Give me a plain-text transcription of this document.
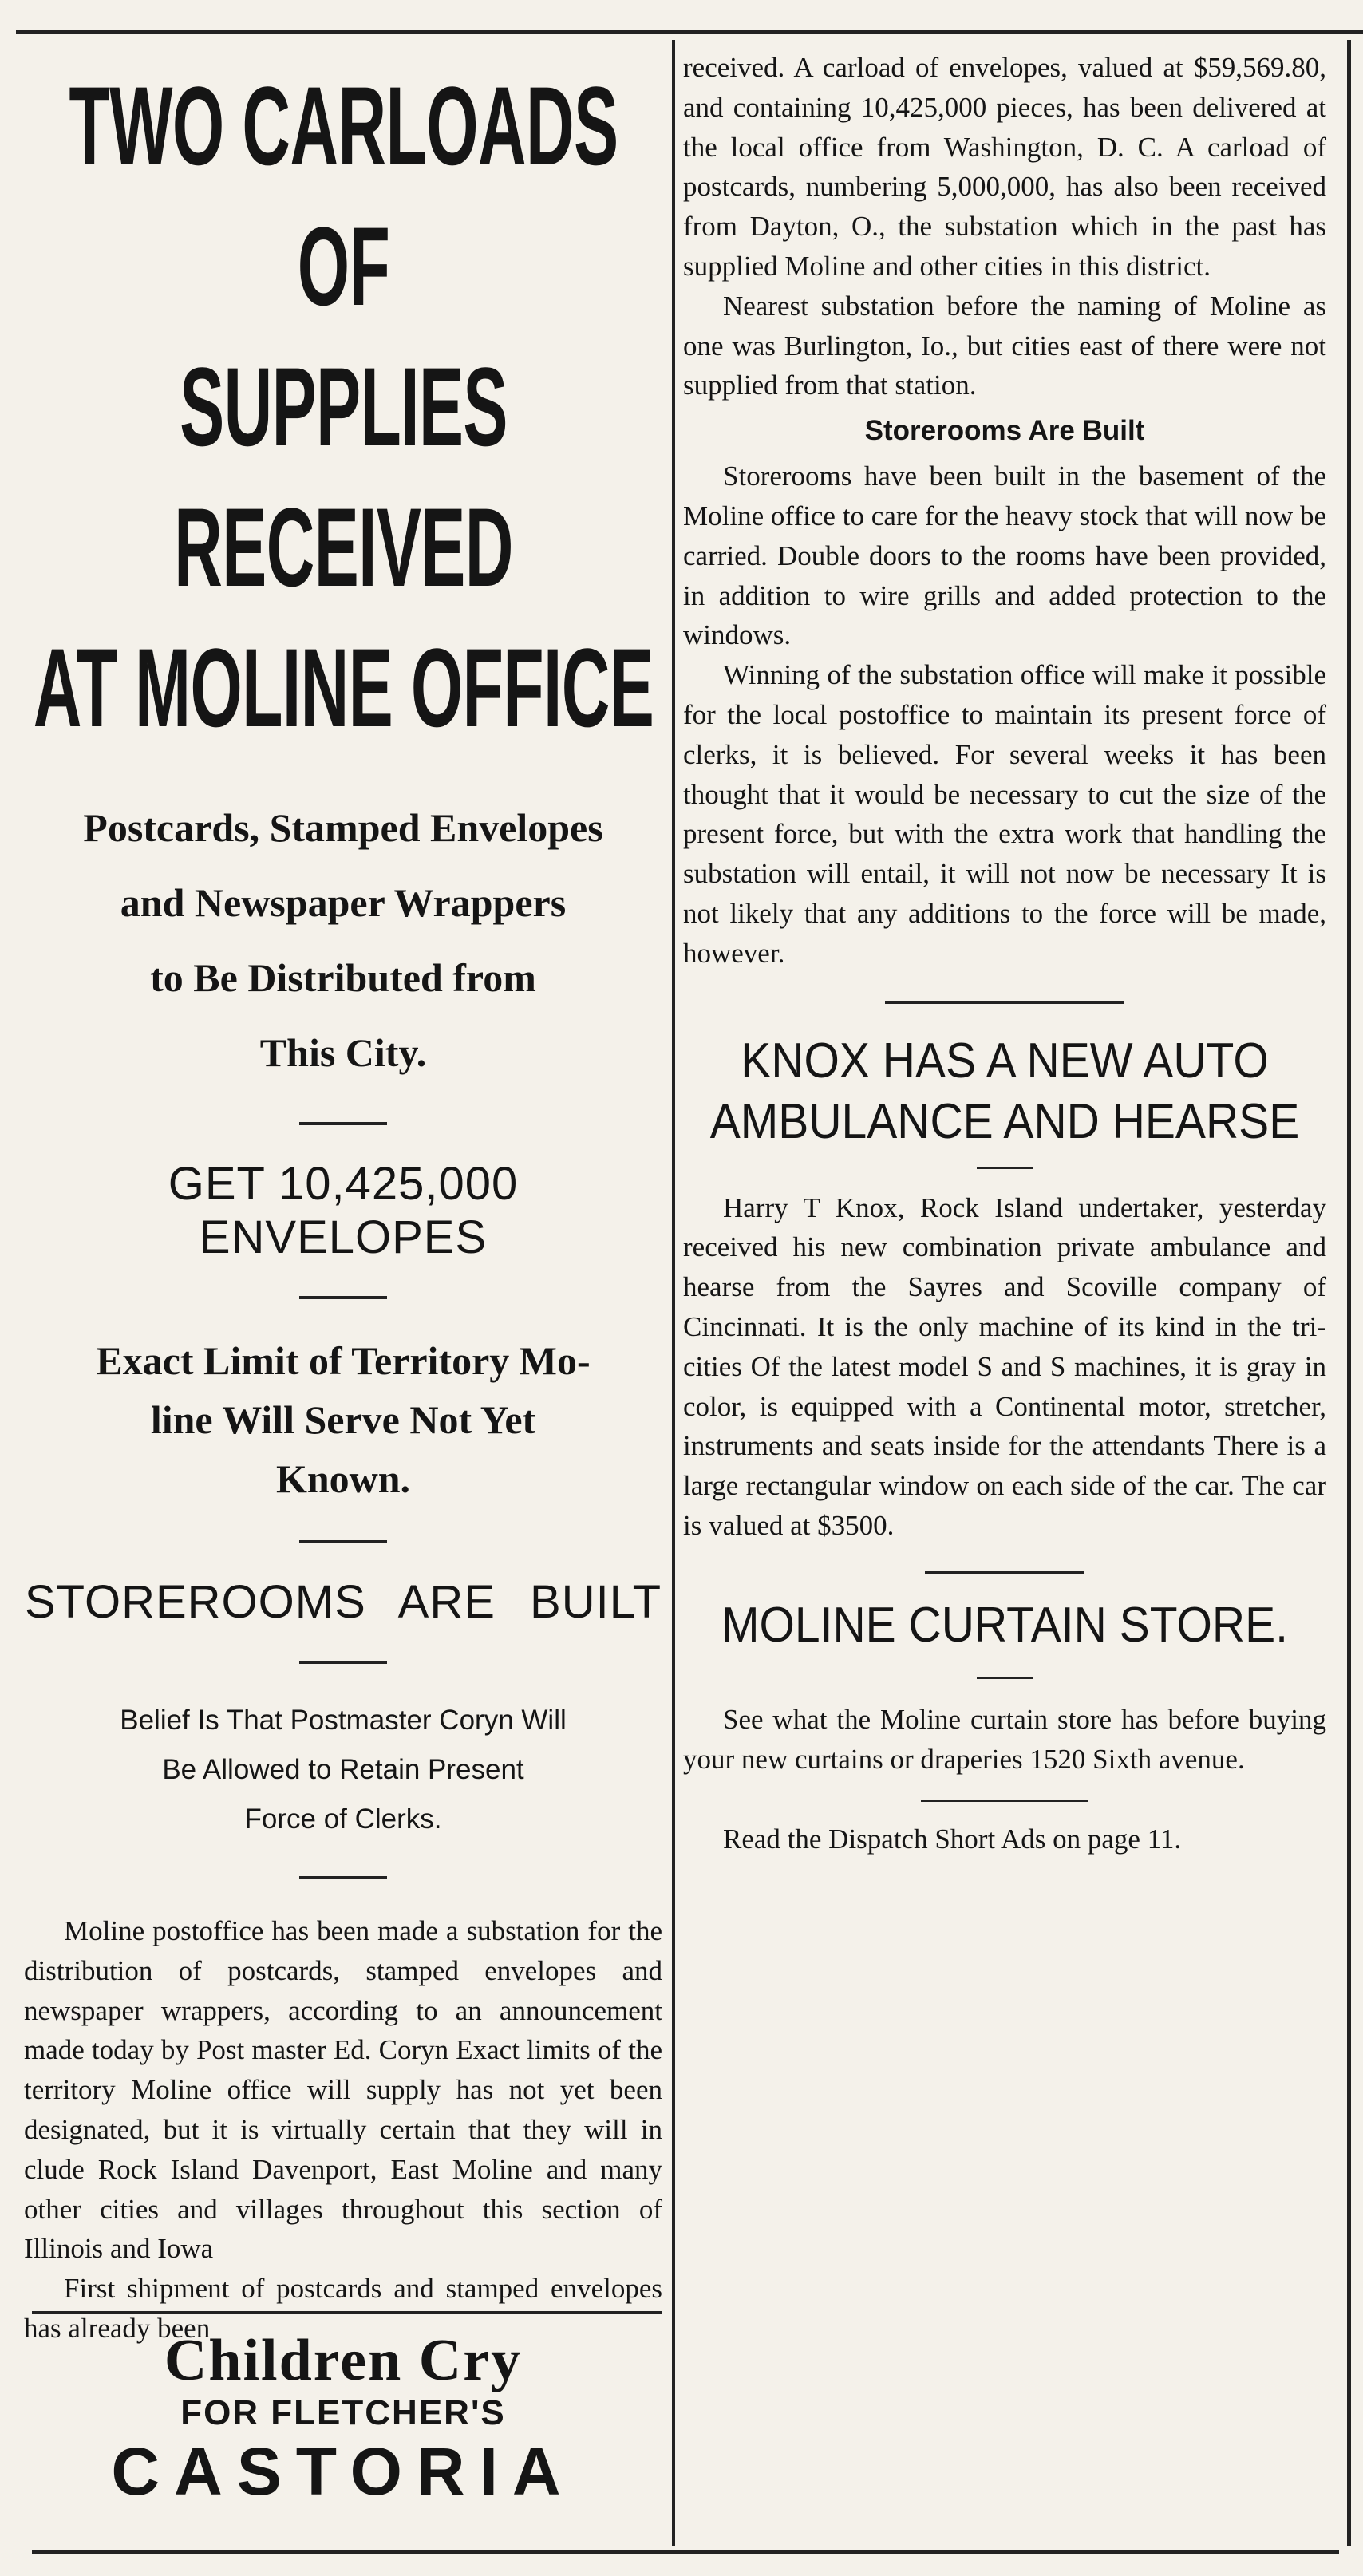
TWO CARLOADS OF
SUPPLIES RECEIVED
AT MOLINE OFFICE
Postcards, Stamped Envelopes
and Newspaper Wrappers
to Be Distributed from
This City.
GET 10,425,000 ENVELOPES
Exact Limit of Territory Mo-
line Will Serve Not Yet
Known.
STOREROOMS ARE BUILT
Belief Is That Postmaster Coryn Will
Be Allowed to Retain Present
Force of Clerks.

Moline postoffice has been made a substation for the distribution of postcards, stamped envelopes and newspaper wrappers, according to an announcement made today by Post master Ed. Coryn Exact limits of the territory Moline office will supply has not yet been designated, but it is virtually certain that they will in clude Rock Island Davenport, East Moline and many other cities and villages throughout this section of Illinois and Iowa

First shipment of postcards and stamped envelopes has already been

Children Cry
FOR FLETCHER'S
CASTORIA

received. A carload of envelopes, valued at $59,569.80, and containing 10,425,000 pieces, has been delivered at the local office from Washington, D. C. A carload of postcards, numbering 5,000,000, has also been received from Dayton, O., the substation which in the past has supplied Moline and other cities in this district.

Nearest substation before the naming of Moline as one was Burlington, Io., but cities east of there were not supplied from that station.

Storerooms Are Built

Storerooms have been built in the basement of the Moline office to care for the heavy stock that will now be carried. Double doors to the rooms have been provided, in addition to wire grills and added protection to the windows.

Winning of the substation office will make it possible for the local postoffice to maintain its present force of clerks, it is believed. For several weeks it has been thought that it would be necessary to cut the size of the present force, but with the extra work that handling the substation will entail, it will not now be necessary It is not likely that any additions to the force will be made, however.

KNOX HAS A NEW AUTO
AMBULANCE AND HEARSE

Harry T Knox, Rock Island undertaker, yesterday received his new combination private ambulance and hearse from the Sayres and Scoville company of Cincinnati. It is the only machine of its kind in the tri-cities Of the latest model S and S machines, it is gray in color, is equipped with a Continental motor, stretcher, instruments and seats inside for the attendants There is a large rectangular window on each side of the car. The car is valued at $3500.

MOLINE CURTAIN STORE.

See what the Moline curtain store has before buying your new curtains or draperies 1520 Sixth avenue.

Read the Dispatch Short Ads on page 11.
